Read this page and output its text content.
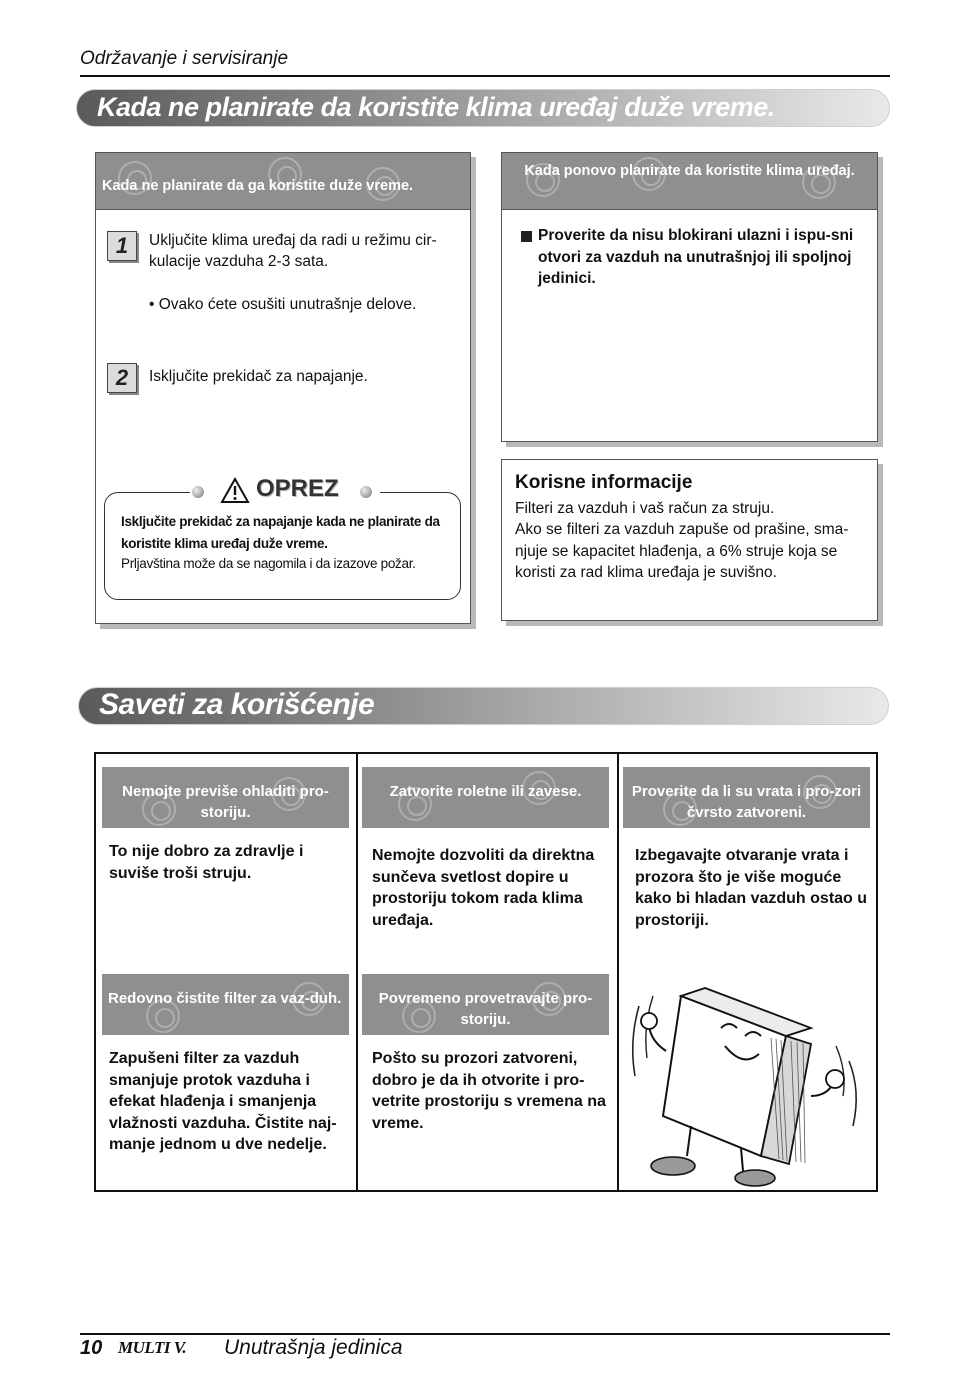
Održavanje i servisiranje
Kada ne planirate da koristite klima uređaj duže vreme.
Kada ne planirate da ga koristite duže vreme.
1	Uključite klima uređaj da radi u režimu cir-kulacije vazduha 2-3 sata.
• Ovako ćete osušiti unutrašnje delove.
2	Isključite prekidač za napajanje.
Isključite prekidač za napajanje kada ne planirate da koristite klima uređaj duže vreme.
Prljavština može da se nagomila i da izazove požar.
OPREZ
Kada ponovo planirate da koristite klima uređaj.
Proverite da nisu blokirani ulazni i ispu-sni otvori za vazduh na unutrašnjoj ili spoljnoj jedinici.
Korisne informacije
Filteri za vazduh i vaš račun za struju.
Ako se filteri za vazduh zapuše od prašine, sma-njuje se kapacitet hlađenja, a 6% struje koja se koristi za rad klima uređaja je suvišno.
Saveti za korišćenje
Nemojte previše ohladiti pro-storiju.
To nije dobro za zdravlje i suviše troši struju.
Zatvorite roletne ili zavese.
Nemojte dozvoliti da direktna sunčeva svetlost dopire u prostoriju tokom rada klima uređaja.
Proverite da li su vrata i pro-zori čvrsto zatvoreni.
Izbegavajte otvaranje vrata i prozora što je više moguće kako bi hladan vazduh ostao u prostoriji.
Redovno čistite filter za vaz-duh.
Zapušeni filter za vazduh smanjuje protok vazduha i efekat hlađenja i smanjenja vlažnosti vazduha. Čistite naj-manje jednom u dve nedelje.
Povremeno provetravajte pro-storiju.
Pošto su prozori zatvoreni, dobro je da ih otvorite i pro-vetrite prostoriju s vremena na vreme.
10 MULTI V. Unutrašnja jedinica
